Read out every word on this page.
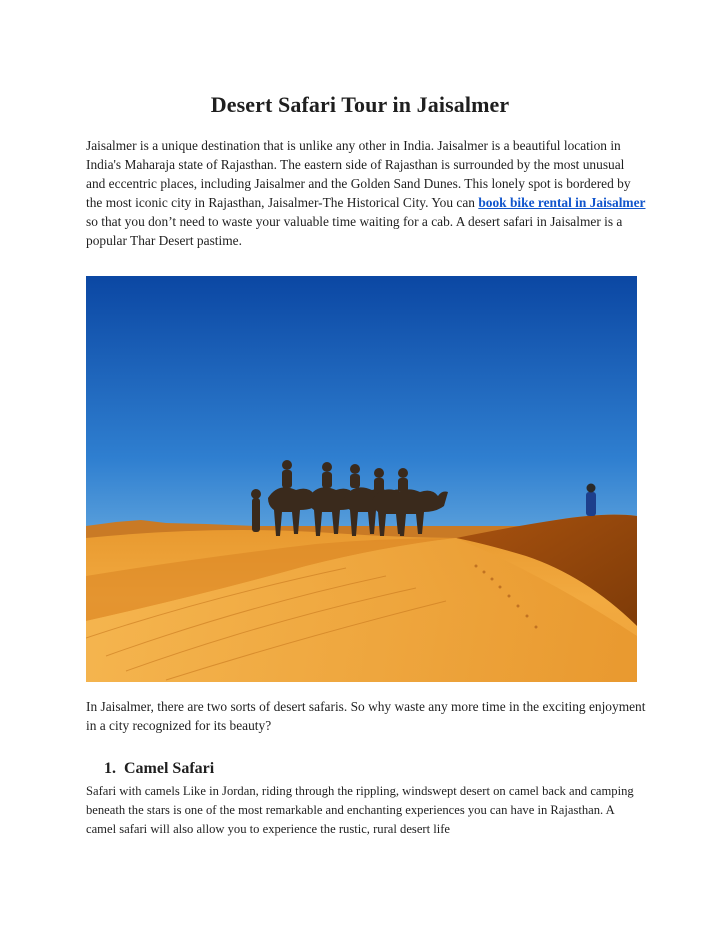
Desert Safari Tour in Jaisalmer
Jaisalmer is a unique destination that is unlike any other in India. Jaisalmer is a beautiful location in India's Maharaja state of Rajasthan. The eastern side of Rajasthan is surrounded by the most unusual and eccentric places, including Jaisalmer and the Golden Sand Dunes. This lonely spot is bordered by the most iconic city in Rajasthan, Jaisalmer-The Historical City. You can book bike rental in Jaisalmer so that you don’t need to waste your valuable time waiting for a cab. A desert safari in Jaisalmer is a popular Thar Desert pastime.
In Jaisalmer, there are two sorts of desert safaris. So why waste any more time in the exciting enjoyment in a city recognized for its beauty?
1. Camel Safari
Safari with camels Like in Jordan, riding through the rippling, windswept desert on camel back and camping beneath the stars is one of the most remarkable and enchanting experiences you can have in Rajasthan. A camel safari will also allow you to experience the rustic, rural desert life
